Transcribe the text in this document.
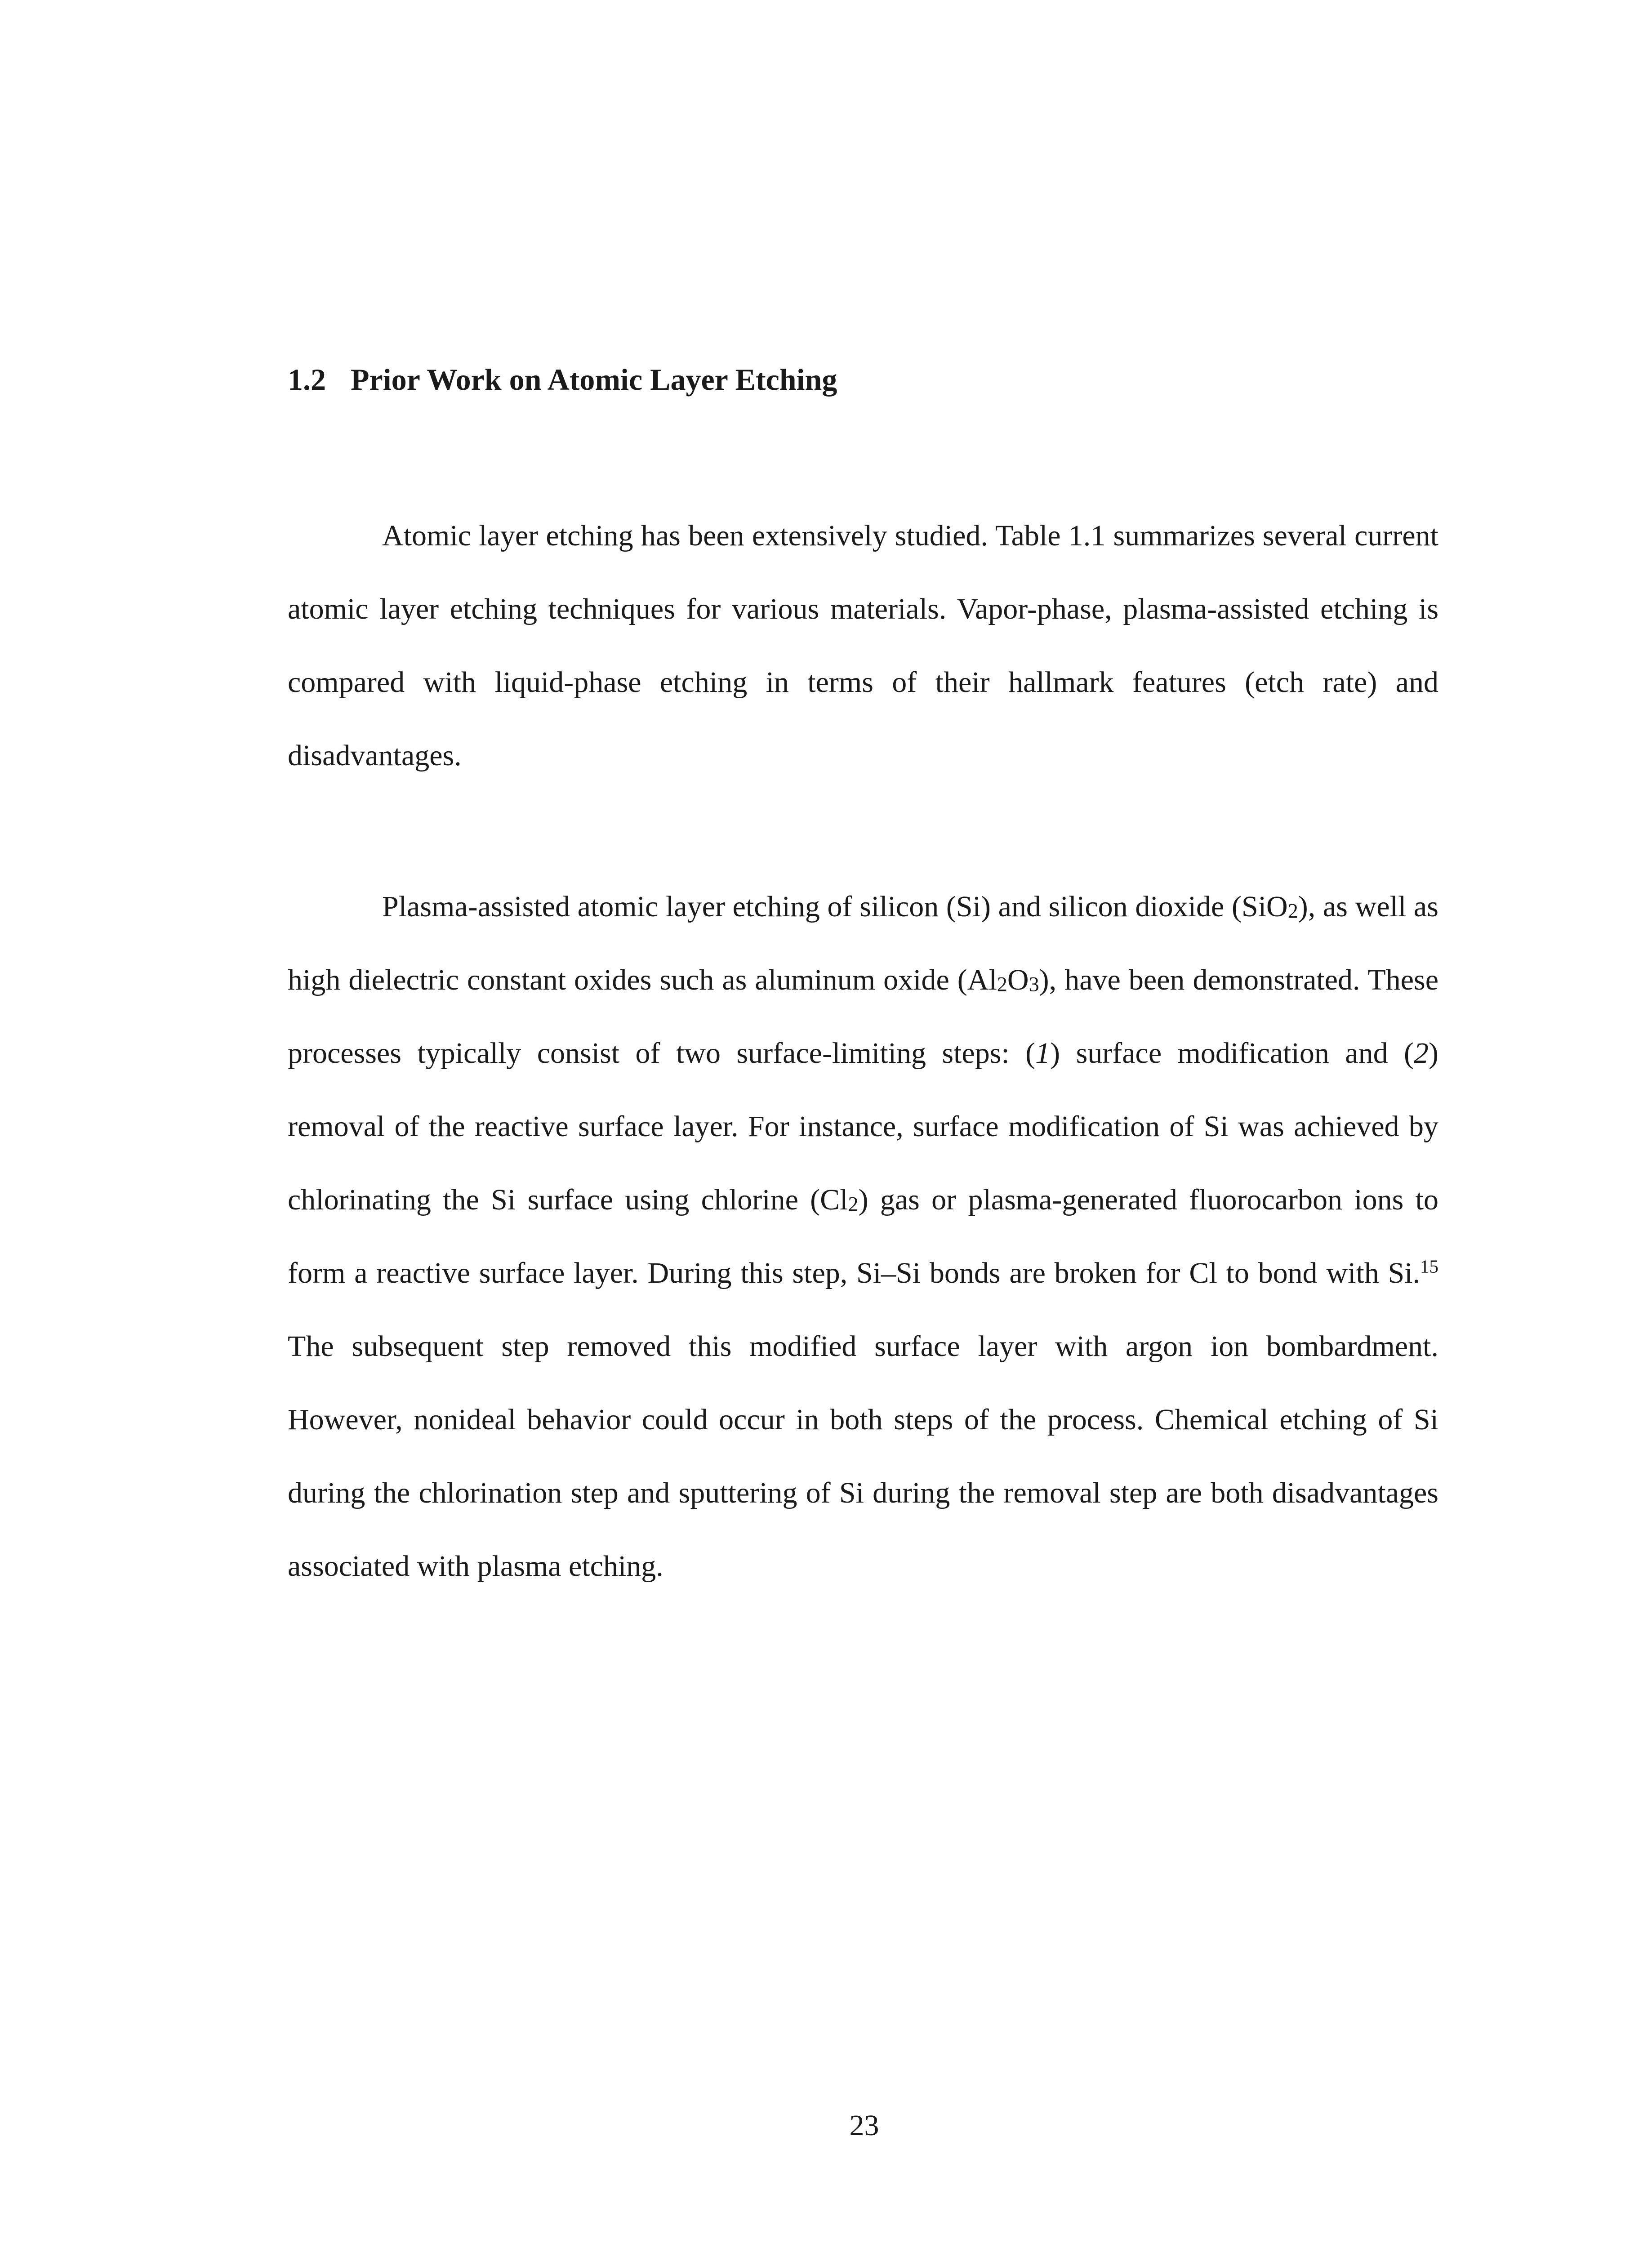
1.2 Prior Work on Atomic Layer Etching

Atomic layer etching has been extensively studied. Table 1.1 summarizes several current atomic layer etching techniques for various materials. Vapor-phase, plasma-assisted etching is compared with liquid-phase etching in terms of their hallmark features (etch rate) and disadvantages.

Plasma-assisted atomic layer etching of silicon (Si) and silicon dioxide (SiO$_2$), as well as high dielectric constant oxides such as aluminum oxide $(Al_2O_3)$, have been demonstrated. These processes typically consist of two surface-limiting steps: (1) surface modification and (2) removal of the reactive surface layer. For instance, surface modification of Si was achieved by chlorinating the Si surface using chlorine $(Cl_2)$ gas or plasma-generated fluorocarbon ions to form a reactive surface layer. During this step, Si–Si bonds are broken for Cl to bond with Si.$^{15}$ The subsequent step removed this modified surface layer with argon ion bombardment. However, nonideal behavior could occur in both steps of the process. Chemical etching of Si during the chlorination step and sputtering of Si during the removal step are both disadvantages associated with plasma etching.

23
